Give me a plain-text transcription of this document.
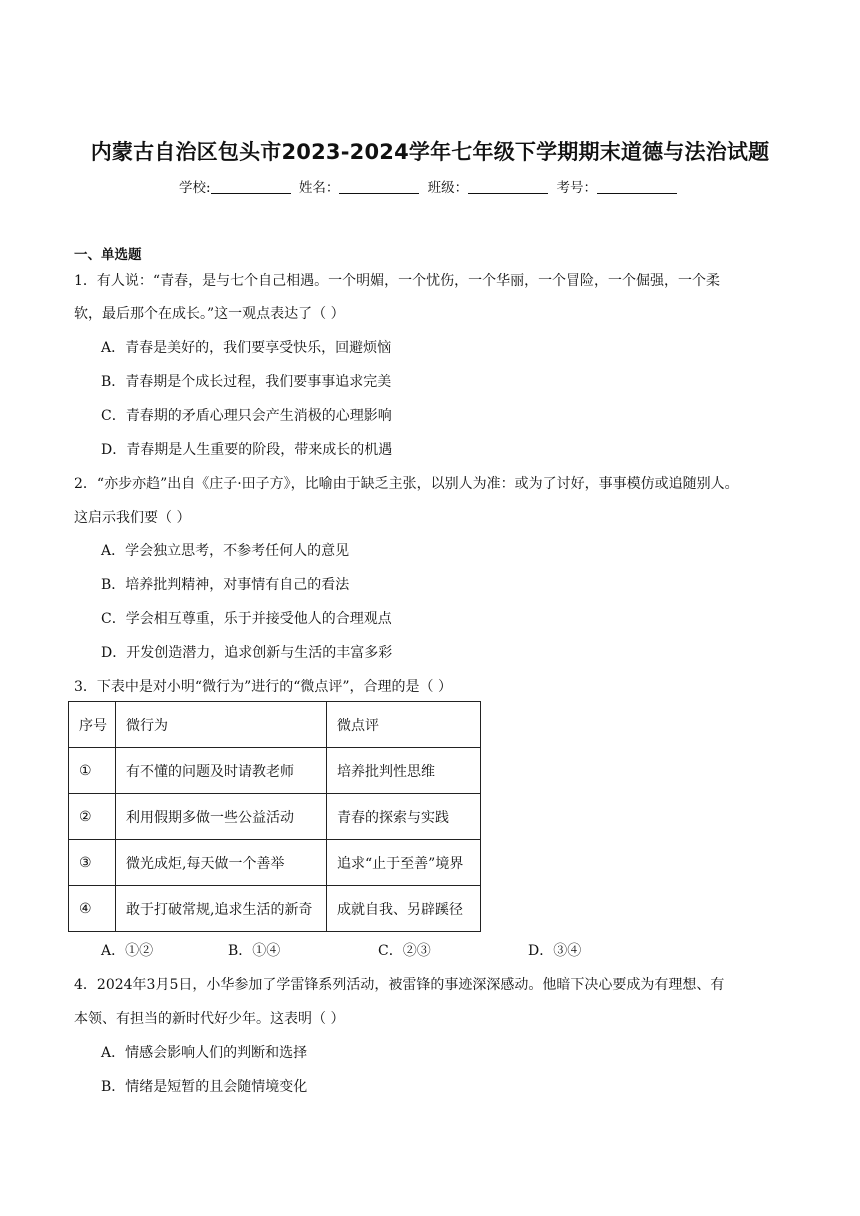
内蒙古自治区包头市2023-2024学年七年级下学期期末道德与法治试题
学校:	姓名：	班级：	考号：
一、单选题
1．有人说：“青春，是与七个自己相遇。一个明媚，一个忧伤，一个华丽，一个冒险，一个倔强，一个柔
软，最后那个在成长。”这一观点表达了（ ）
A．青春是美好的，我们要享受快乐，回避烦恼
B．青春期是个成长过程，我们要事事追求完美
C．青春期的矛盾心理只会产生消极的心理影响
D．青春期是人生重要的阶段，带来成长的机遇
2．“亦步亦趋”出自《庄子·田子方》，比喻由于缺乏主张，以别人为准：或为了讨好，事事模仿或追随别人。
这启示我们要（ ）
A．学会独立思考，不参考任何人的意见
B．培养批判精神，对事情有自己的看法
C．学会相互尊重，乐于并接受他人的合理观点
D．开发创造潜力，追求创新与生活的丰富多彩
3．下表中是对小明“微行为”进行的“微点评”，合理的是（ ）
序号	微行为	微点评
①	有不懂的问题及时请教老师	培养批判性思维
②	利用假期多做一些公益活动	青春的探索与实践
③	微光成炬,每天做一个善举	追求“止于至善”境界
④	敢于打破常规,追求生活的新奇	成就自我、另辟蹊径
A．①②	B．①④	C．②③	D．③④
4．2024年3月5日，小华参加了学雷锋系列活动，被雷锋的事迹深深感动。他暗下决心要成为有理想、有
本领、有担当的新时代好少年。这表明（ ）
A．情感会影响人们的判断和选择
B．情绪是短暂的且会随情境变化
